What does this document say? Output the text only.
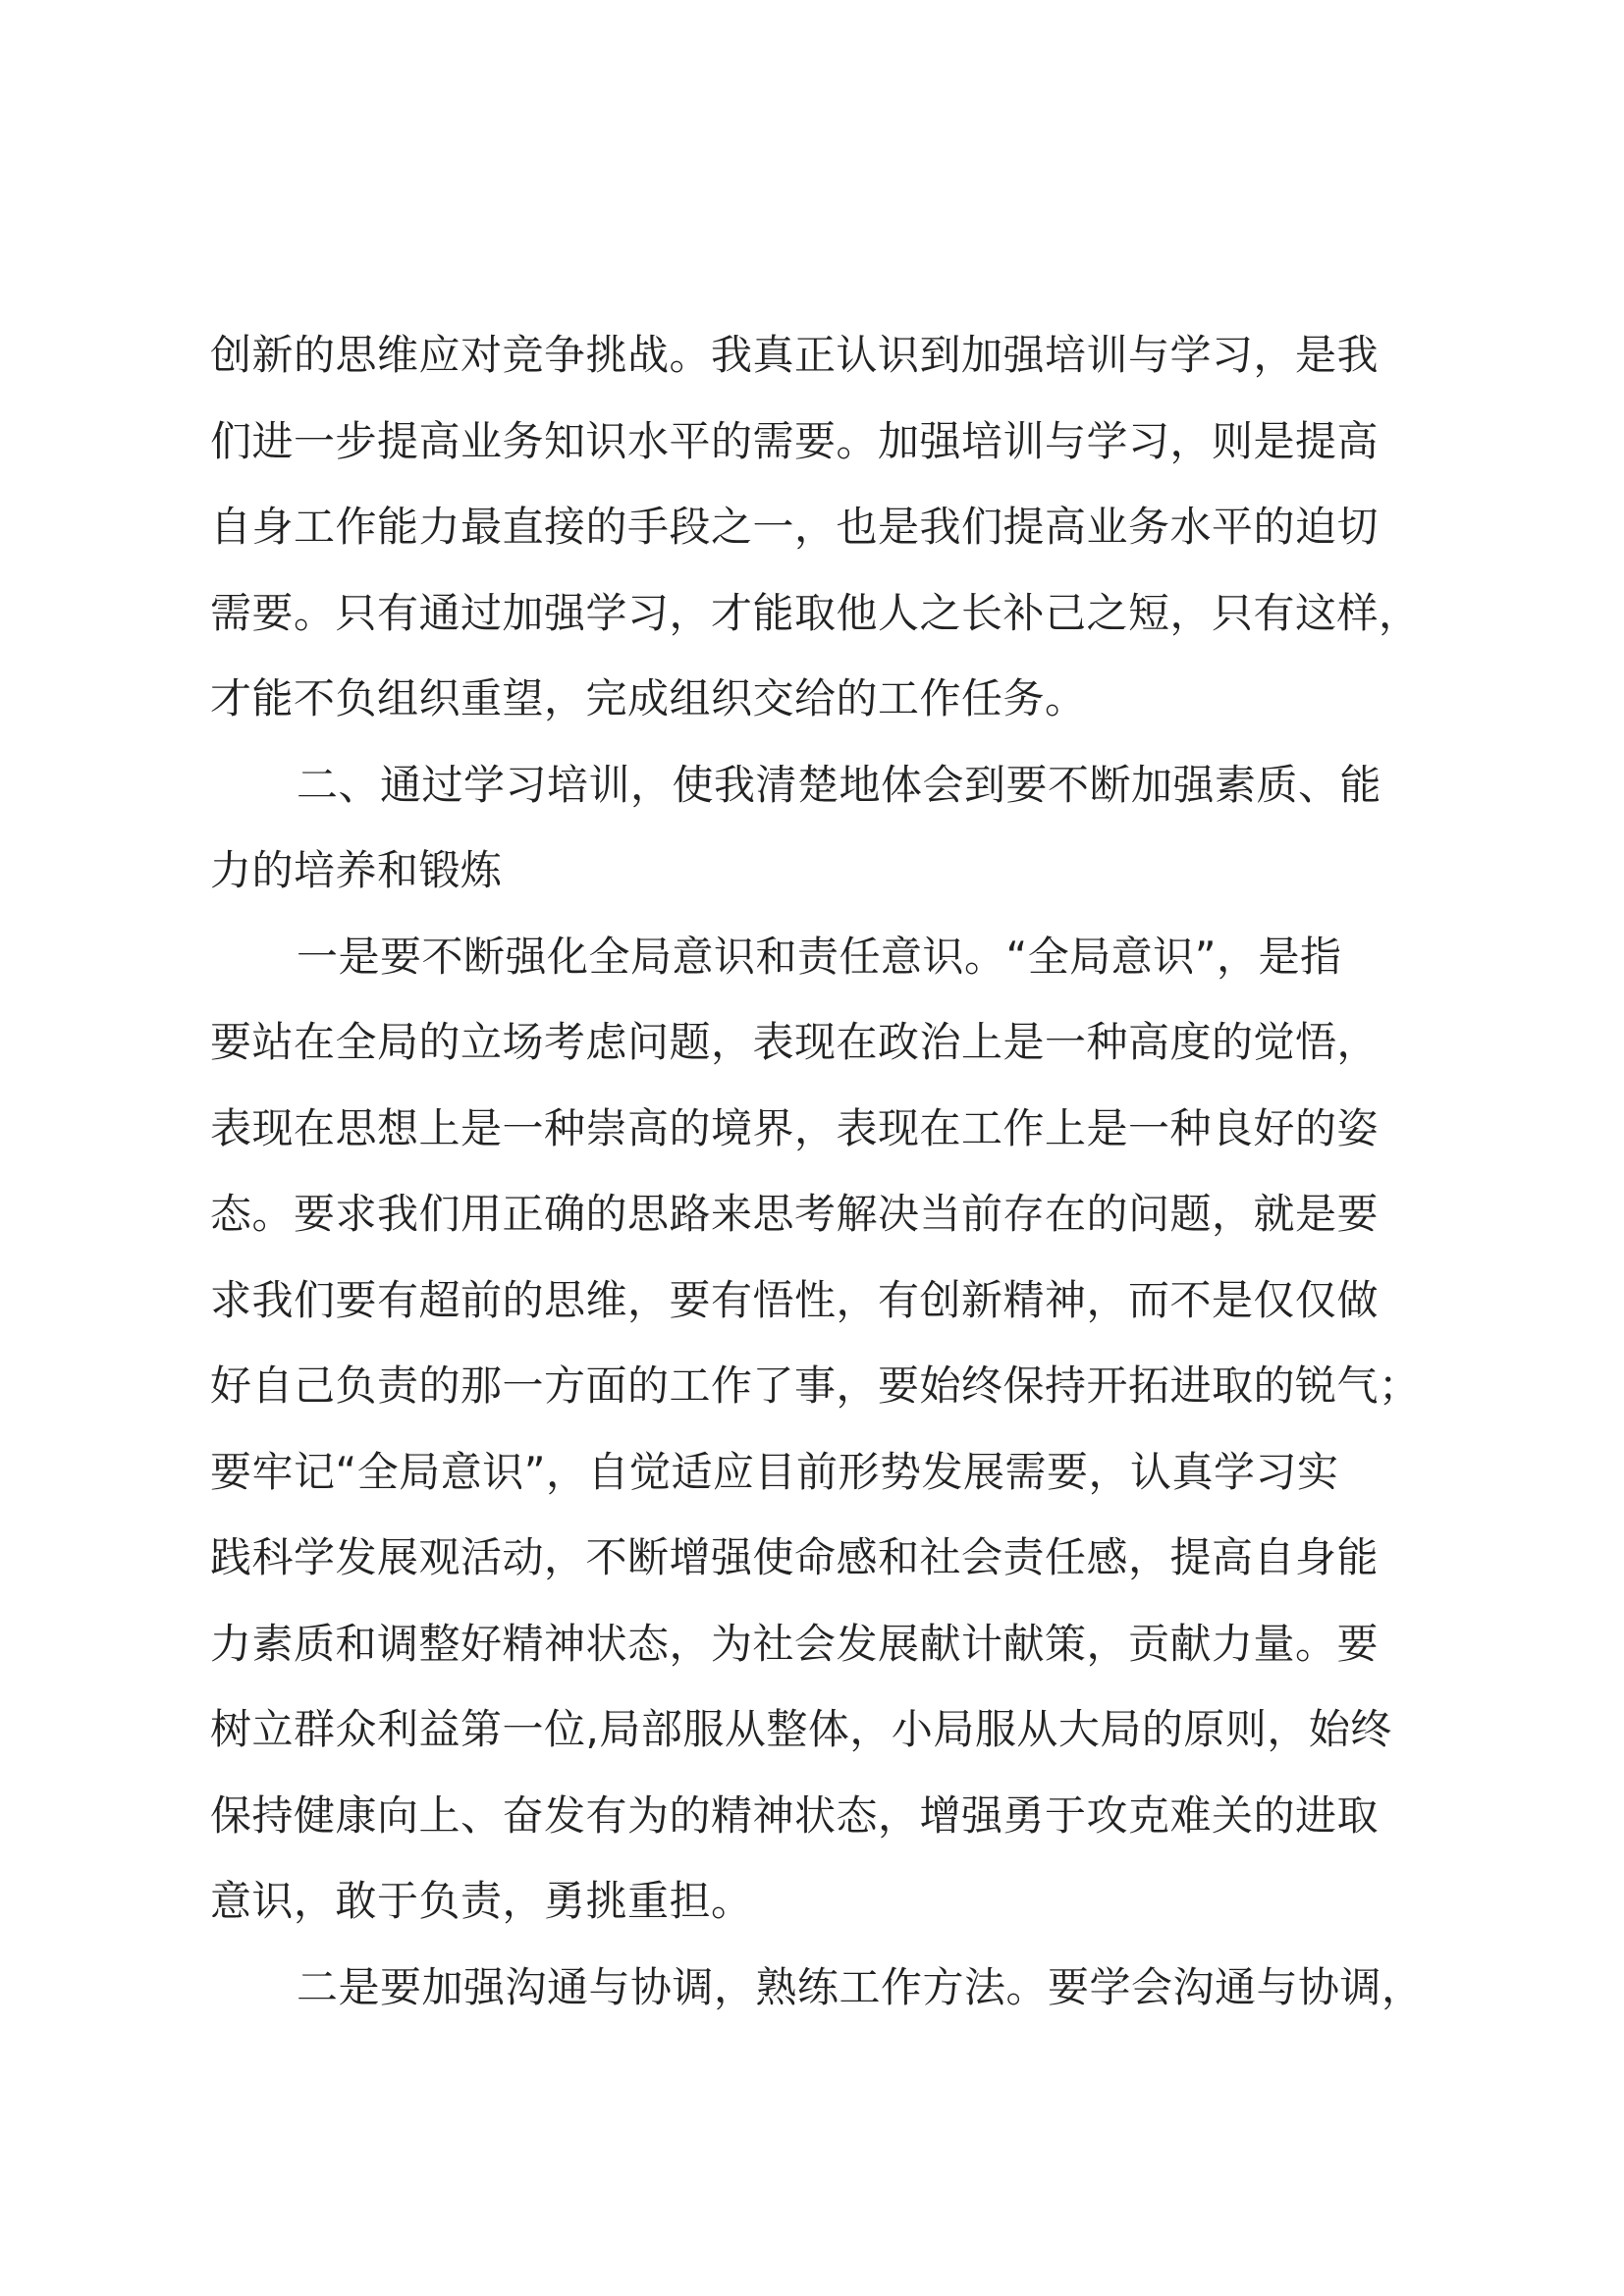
创新的思维应对竞争挑战。我真正认识到加强培训与学习，是我
们进一步提高业务知识水平的需要。加强培训与学习，则是提高
自身工作能力最直接的手段之一，也是我们提高业务水平的迫切
需要。只有通过加强学习，才能取他人之长补己之短，只有这样，
才能不负组织重望，完成组织交给的工作任务。
二、通过学习培训，使我清楚地体会到要不断加强素质、能
力的培养和锻炼
一是要不断强化全局意识和责任意识。“全局意识”，是指
要站在全局的立场考虑问题，表现在政治上是一种高度的觉悟，
表现在思想上是一种崇高的境界，表现在工作上是一种良好的姿
态。要求我们用正确的思路来思考解决当前存在的问题，就是要
求我们要有超前的思维，要有悟性，有创新精神，而不是仅仅做
好自己负责的那一方面的工作了事，要始终保持开拓进取的锐气；
要牢记“全局意识”，自觉适应目前形势发展需要，认真学习实
践科学发展观活动，不断增强使命感和社会责任感，提高自身能
力素质和调整好精神状态，为社会发展献计献策，贡献力量。要
树立群众利益第一位,局部服从整体，小局服从大局的原则，始终
保持健康向上、奋发有为的精神状态，增强勇于攻克难关的进取
意识，敢于负责，勇挑重担。
二是要加强沟通与协调，熟练工作方法。要学会沟通与协调，
